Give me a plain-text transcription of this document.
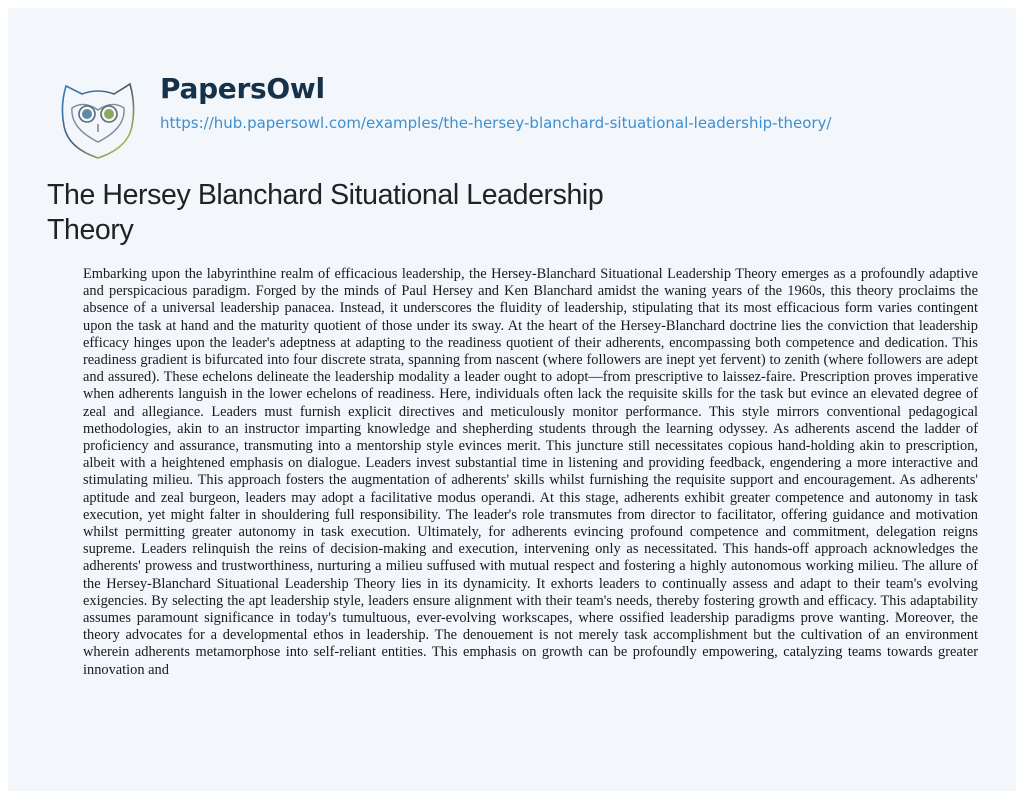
PapersOwl
https://hub.papersowl.com/examples/the-hersey-blanchard-situational-leadership-theory/
The Hersey Blanchard Situational Leadership Theory

Embarking upon the labyrinthine realm of efficacious leadership, the Hersey-Blanchard Situational Leadership Theory emerges as a profoundly adaptive and perspicacious paradigm. Forged by the minds of Paul Hersey and Ken Blanchard amidst the waning years of the 1960s, this theory proclaims the absence of a universal leadership panacea. Instead, it underscores the fluidity of leadership, stipulating that its most efficacious form varies contingent upon the task at hand and the maturity quotient of those under its sway. At the heart of the Hersey-Blanchard doctrine lies the conviction that leadership efficacy hinges upon the leader's adeptness at adapting to the readiness quotient of their adherents, encompassing both competence and dedication. This readiness gradient is bifurcated into four discrete strata, spanning from nascent (where followers are inept yet fervent) to zenith (where followers are adept and assured). These echelons delineate the leadership modality a leader ought to adopt—from prescriptive to laissez-faire. Prescription proves imperative when adherents languish in the lower echelons of readiness. Here, individuals often lack the requisite skills for the task but evince an elevated degree of zeal and allegiance. Leaders must furnish explicit directives and meticulously monitor performance. This style mirrors conventional pedagogical methodologies, akin to an instructor imparting knowledge and shepherding students through the learning odyssey. As adherents ascend the ladder of proficiency and assurance, transmuting into a mentorship style evinces merit. This juncture still necessitates copious hand-holding akin to prescription, albeit with a heightened emphasis on dialogue. Leaders invest substantial time in listening and providing feedback, engendering a more interactive and stimulating milieu. This approach fosters the augmentation of adherents' skills whilst furnishing the requisite support and encouragement. As adherents' aptitude and zeal burgeon, leaders may adopt a facilitative modus operandi. At this stage, adherents exhibit greater competence and autonomy in task execution, yet might falter in shouldering full responsibility. The leader's role transmutes from director to facilitator, offering guidance and motivation whilst permitting greater autonomy in task execution. Ultimately, for adherents evincing profound competence and commitment, delegation reigns supreme. Leaders relinquish the reins of decision-making and execution, intervening only as necessitated. This hands-off approach acknowledges the adherents' prowess and trustworthiness, nurturing a milieu suffused with mutual respect and fostering a highly autonomous working milieu. The allure of the Hersey-Blanchard Situational Leadership Theory lies in its dynamicity. It exhorts leaders to continually assess and adapt to their team's evolving exigencies. By selecting the apt leadership style, leaders ensure alignment with their team's needs, thereby fostering growth and efficacy. This adaptability assumes paramount significance in today's tumultuous, ever-evolving workscapes, where ossified leadership paradigms prove wanting. Moreover, the theory advocates for a developmental ethos in leadership. The denouement is not merely task accomplishment but the cultivation of an environment wherein adherents metamorphose into self-reliant entities. This emphasis on growth can be profoundly empowering, catalyzing teams towards greater innovation and
